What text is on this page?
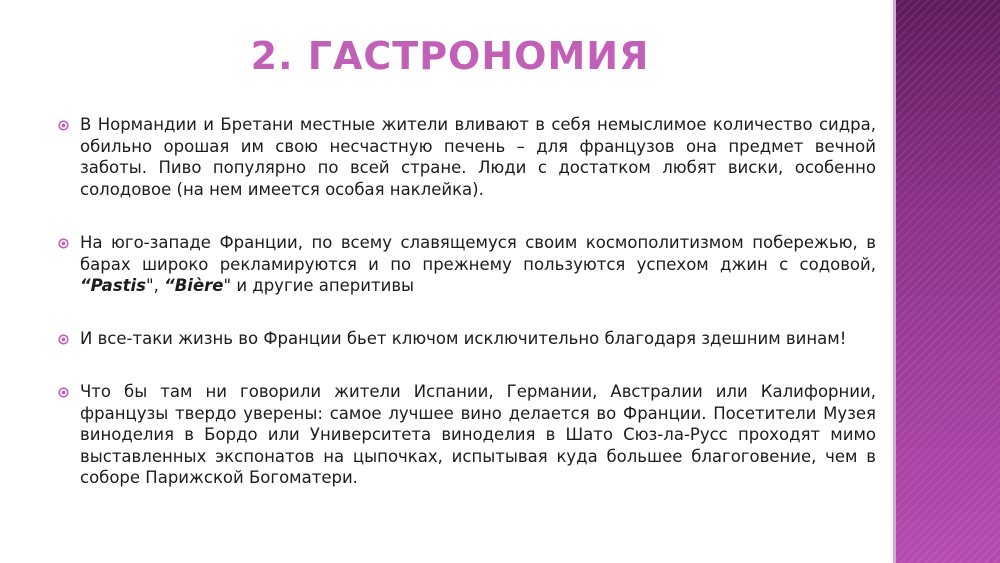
2. ГАСТРОНОМИЯ
В Нормандии и Бретани местные жители вливают в себя немыслимое количество сидра, обильно орошая им свою несчастную печень – для французов она предмет вечной заботы. Пиво популярно по всей стране. Люди с достатком любят виски, особенно солодовое (на нем имеется особая наклейка).
На юго-западе Франции, по всему славящемуся своим космополитизмом побережью, в барах широко рекламируются и по прежнему пользуются успехом джин с содовой, “Pastis", “Bière" и другие аперитивы
И все-таки жизнь во Франции бьет ключом исключительно благодаря здешним винам!
Что бы там ни говорили жители Испании, Германии, Австралии или Калифорнии, французы твердо уверены: самое лучшее вино делается во Франции. Посетители Музея виноделия в Бордо или Университета виноделия в Шато Сюз-ла-Русс проходят мимо выставленных экспонатов на цыпочках, испытывая куда большее благоговение, чем в соборе Парижской Богоматери.
